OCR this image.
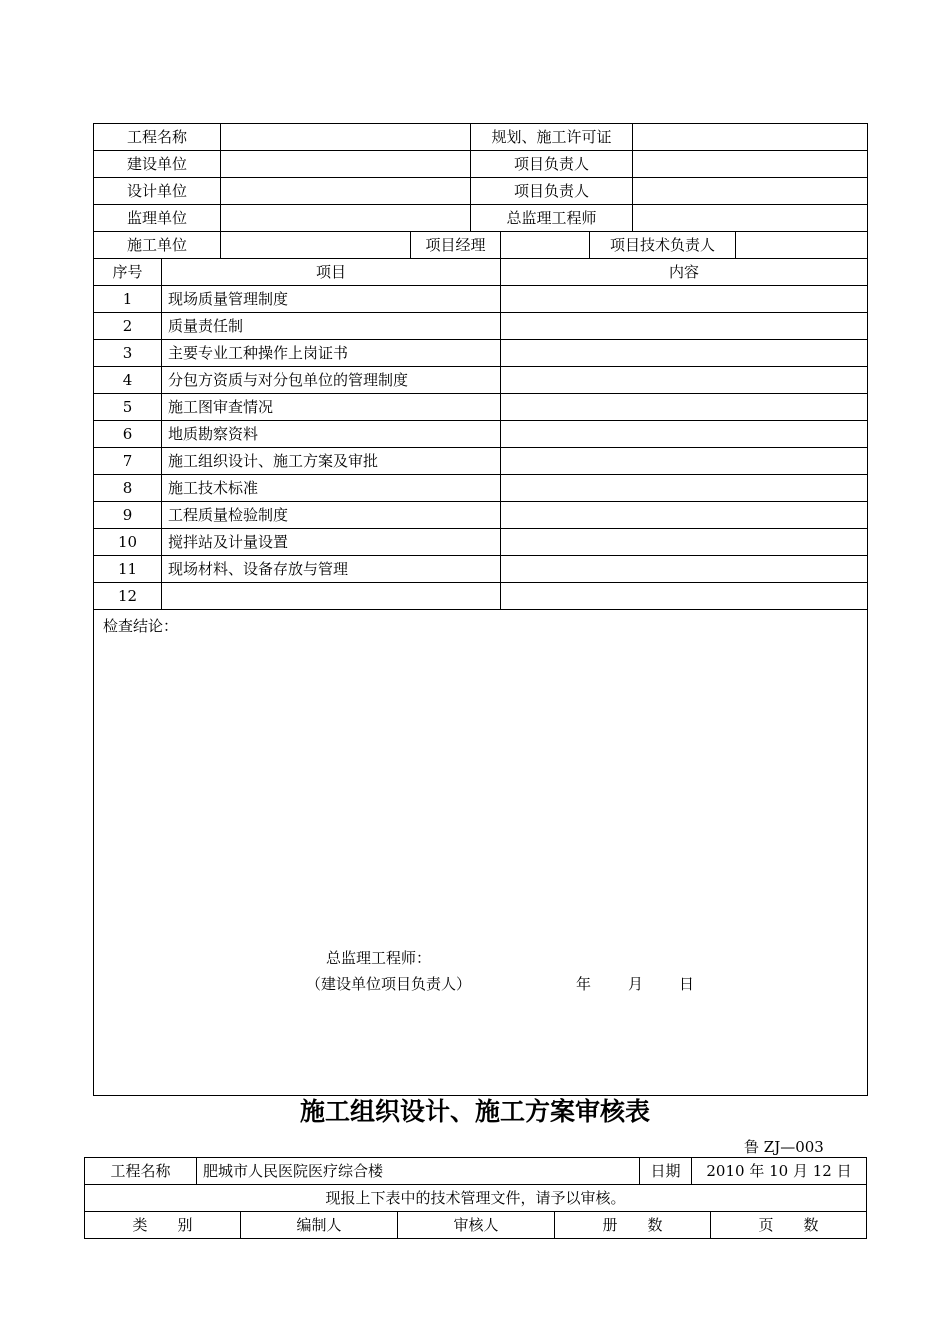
工程名称		规划、施工许可证	
建设单位		项目负责人	
设计单位		项目负责人	
监理单位		总监理工程师	
施工单位		项目经理		项目技术负责人	
序号	项目	内容
1	现场质量管理制度	
2	质量责任制	
3	主要专业工种操作上岗证书	
4	分包方资质与对分包单位的管理制度	
5	施工图审查情况	
6	地质勘察资料	
7	施工组织设计、施工方案及审批	
8	施工技术标准	
9	工程质量检验制度	
10	搅拌站及计量设置	
11	现场材料、设备存放与管理	
12		
检查结论：
总监理工程师：
（建设单位项目负责人）	年 月 日
施工组织设计、施工方案审核表
鲁 ZJ—003
工程名称	肥城市人民医院医疗综合楼	日期	2010 年 10 月 12 日
现报上下表中的技术管理文件，请予以审核。
类　　别	编制人	审核人	册　　数	页　　数
